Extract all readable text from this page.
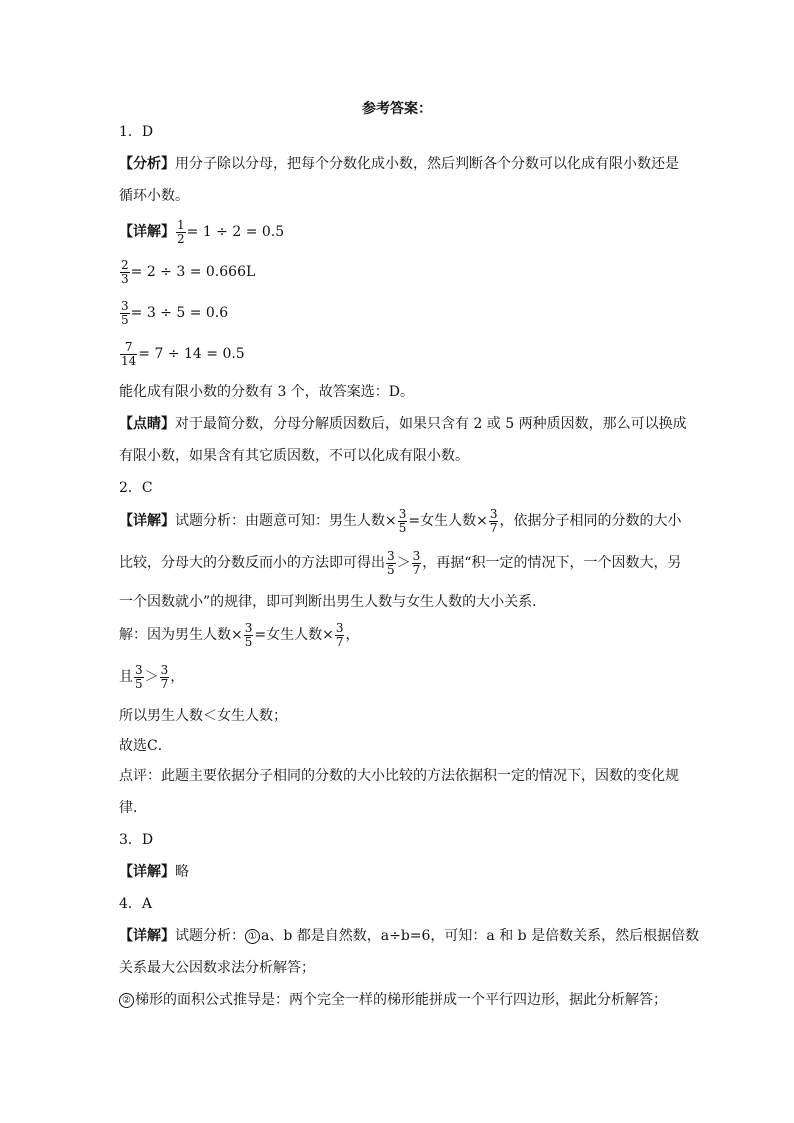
参考答案：
1．D
【分析】用分子除以分母，把每个分数化成小数，然后判断各个分数可以化成有限小数还是
循环小数。
【详解】 $\frac{1}{2} = 1 \div 2 = 0.5$
$\frac{2}{3} = 2 \div 3 = 0.666L$
$\frac{3}{5} = 3 \div 5 = 0.6$
$\frac{7}{14} = 7 \div 14 = 0.5$
能化成有限小数的分数有 3 个，故答案选：D。
【点睛】对于最简分数，分母分解质因数后，如果只含有 2 或 5 两种质因数，那么可以换成
有限小数，如果含有其它质因数，不可以化成有限小数。
2．C
【详解】试题分析：由题意可知：男生人数× $\frac{3}{5}$ =女生人数× $\frac{3}{7}$ ，依据分子相同的分数的大小
比较，分母大的分数反而小的方法即可得出 $\frac{3}{5} > \frac{3}{7}$ ，再据“积一定的情况下，一个因数大，另
一个因数就小”的规律，即可判断出男生人数与女生人数的大小关系．
解：因为男生人数× $\frac{3}{5}$ =女生人数× $\frac{3}{7}$ ，
且 $\frac{3}{5} > \frac{3}{7}$ ，
所以男生人数＜女生人数；
故选C．
点评：此题主要依据分子相同的分数的大小比较的方法依据积一定的情况下，因数的变化规
律．
3．D
【详解】略
4．A
【详解】试题分析： ① a、b 都是自然数，a÷b=6，可知：a 和 b 是倍数关系，然后根据倍数
关系最大公因数求法分析解答；
② 梯形的面积公式推导是：两个完全一样的梯形能拼成一个平行四边形，据此分析解答；
